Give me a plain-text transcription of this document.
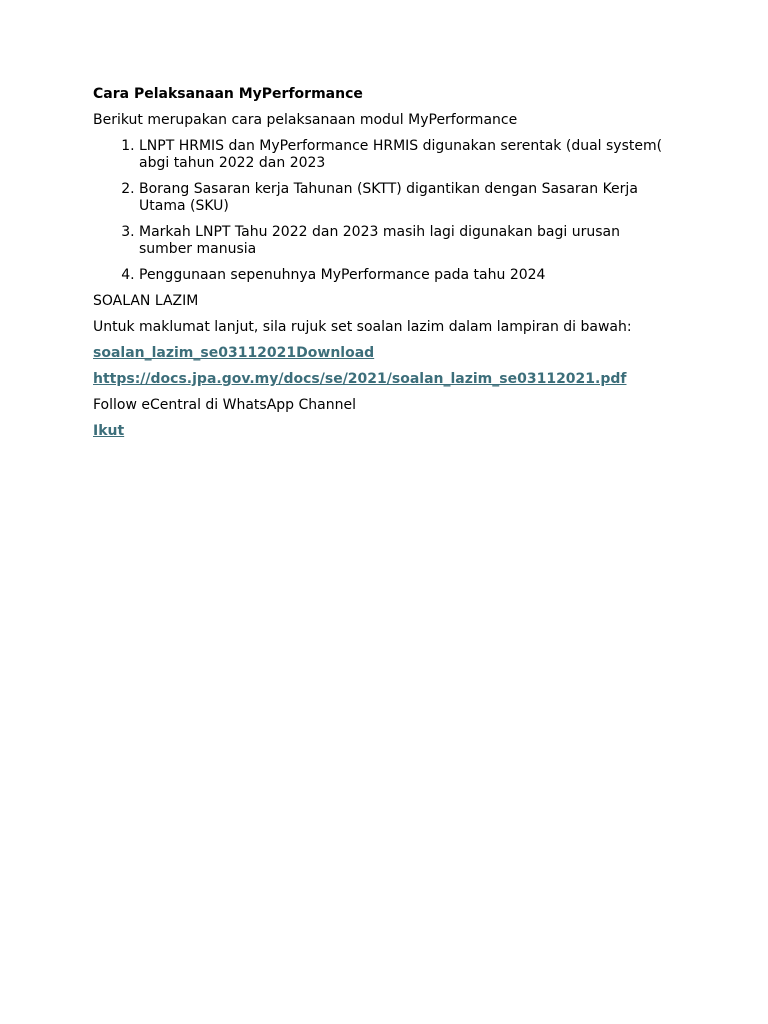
Cara Pelaksanaan MyPerformance

Berikut merupakan cara pelaksanaan modul MyPerformance

1. LNPT HRMIS dan MyPerformance HRMIS digunakan serentak (dual system( abgi tahun 2022 dan 2023
2. Borang Sasaran kerja Tahunan (SKTT) digantikan dengan Sasaran Kerja Utama (SKU)
3. Markah LNPT Tahu 2022 dan 2023 masih lagi digunakan bagi urusan sumber manusia
4. Penggunaan sepenuhnya MyPerformance pada tahu 2024

SOALAN LAZIM

Untuk maklumat lanjut, sila rujuk set soalan lazim dalam lampiran di bawah:

soalan_lazim_se03112021Download

https://docs.jpa.gov.my/docs/se/2021/soalan_lazim_se03112021.pdf

Follow eCentral di WhatsApp Channel

Ikut
